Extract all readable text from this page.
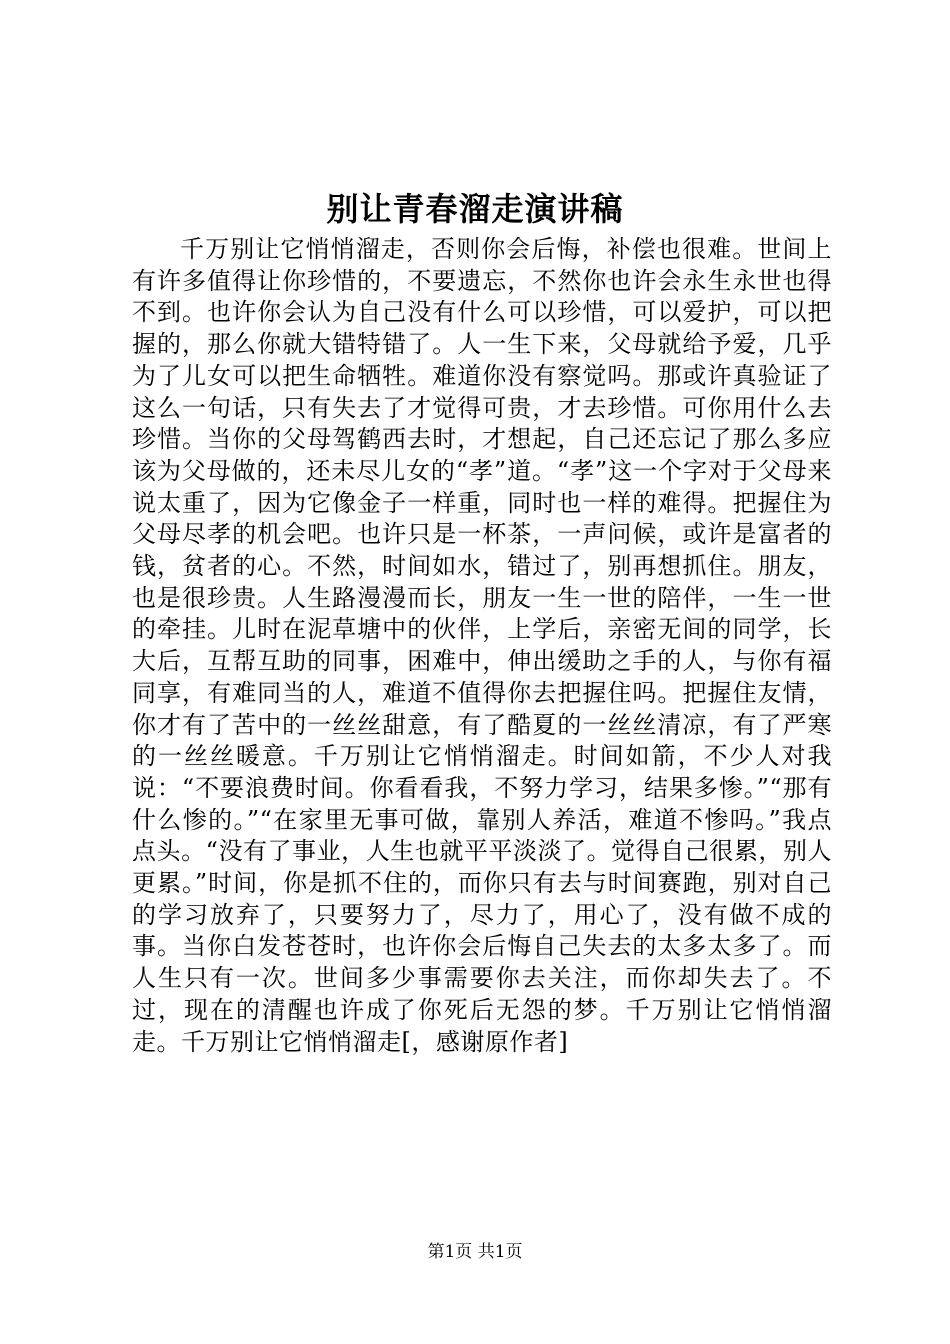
别让青春溜走演讲稿

千万别让它悄悄溜走，否则你会后悔，补偿也很难。世间上有许多值得让你珍惜的，不要遗忘，不然你也许会永生永世也得不到。也许你会认为自己没有什么可以珍惜，可以爱护，可以把握的，那么你就大错特错了。人一生下来，父母就给予爱，几乎为了儿女可以把生命牺牲。难道你没有察觉吗。那或许真验证了这么一句话，只有失去了才觉得可贵，才去珍惜。可你用什么去珍惜。当你的父母驾鹤西去时，才想起，自己还忘记了那么多应该为父母做的，还未尽儿女的“孝”道。“孝”这一个字对于父母来说太重了，因为它像金子一样重，同时也一样的难得。把握住为父母尽孝的机会吧。也许只是一杯茶，一声问候，或许是富者的钱，贫者的心。不然，时间如水，错过了，别再想抓住。朋友，也是很珍贵。人生路漫漫而长，朋友一生一世的陪伴，一生一世的牵挂。儿时在泥草塘中的伙伴，上学后，亲密无间的同学，长大后，互帮互助的同事，困难中，伸出缓助之手的人，与你有福同享，有难同当的人，难道不值得你去把握住吗。把握住友情，你才有了苦中的一丝丝甜意，有了酷夏的一丝丝清凉，有了严寒的一丝丝暖意。千万别让它悄悄溜走。时间如箭，不少人对我说：“不要浪费时间。你看看我，不努力学习，结果多惨。”“那有什么惨的。”“在家里无事可做，靠别人养活，难道不惨吗。”我点点头。“没有了事业，人生也就平平淡淡了。觉得自己很累，别人更累。”时间，你是抓不住的，而你只有去与时间赛跑，别对自己的学习放弃了，只要努力了，尽力了，用心了，没有做不成的事。当你白发苍苍时，也许你会后悔自己失去的太多太多了。而人生只有一次。世间多少事需要你去关注，而你却失去了。不过，现在的清醒也许成了你死后无怨的梦。千万别让它悄悄溜走。千万别让它悄悄溜走[，感谢原作者]

第1页 共1页
